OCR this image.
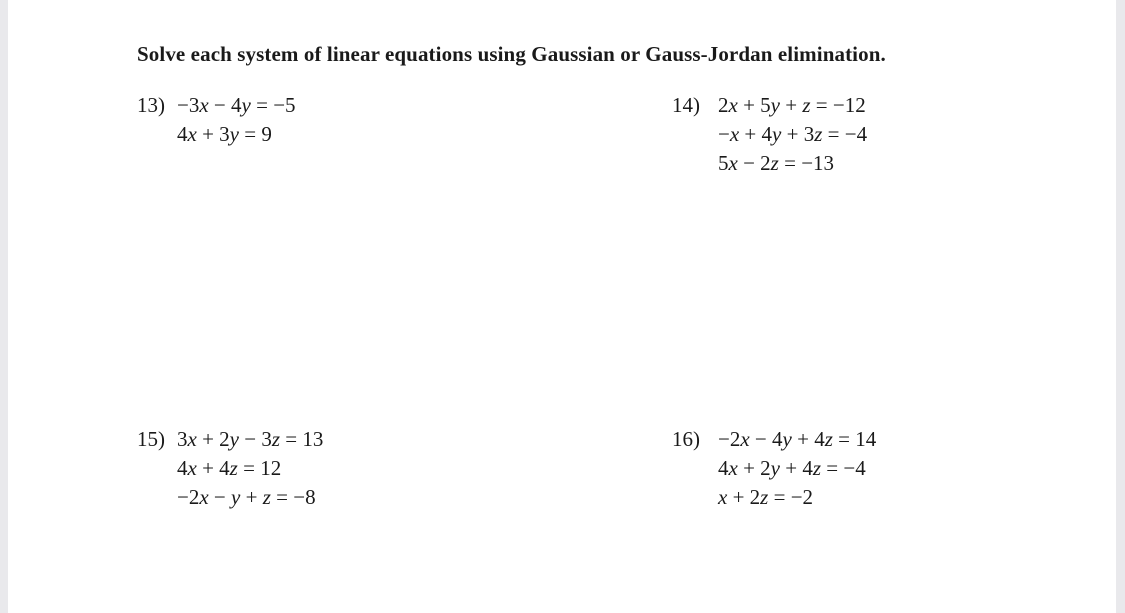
Solve each system of linear equations using Gaussian or Gauss-Jordan elimination.
13) −3x − 4y = −5
4x + 3y = 9
14) 2x + 5y + z = −12
−x + 4y + 3z = −4
5x − 2z = −13
15) 3x + 2y − 3z = 13
4x + 4z = 12
−2x − y + z = −8
16) −2x − 4y + 4z = 14
4x + 2y + 4z = −4
x + 2z = −2
